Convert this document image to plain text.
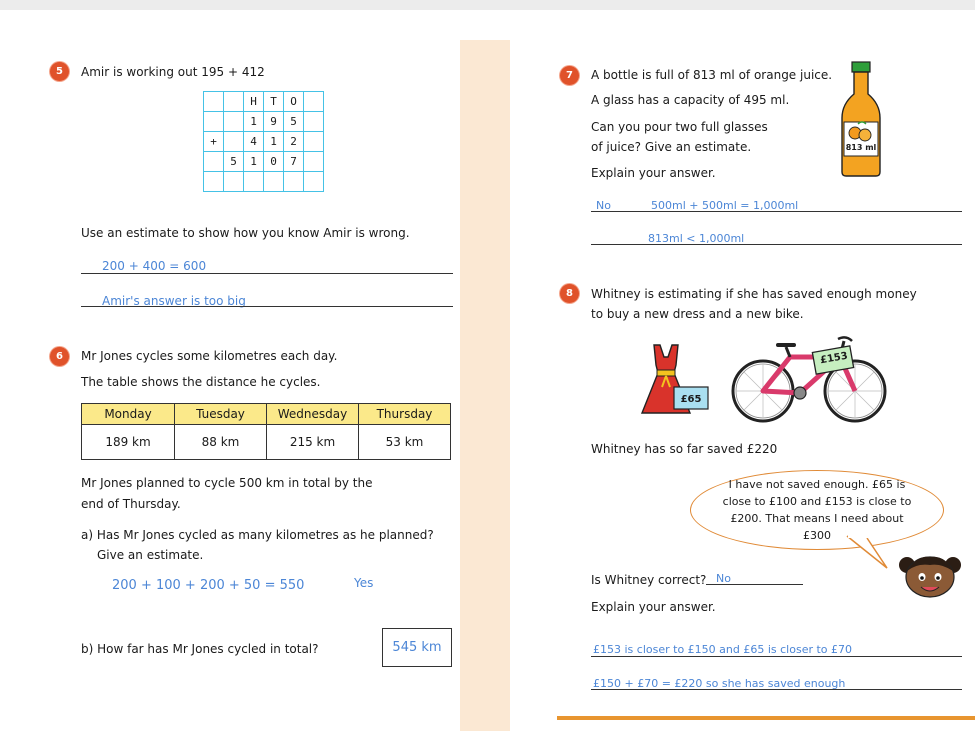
5	Amir is working out 195 + 412
		H	T	O	
		1	9	5	
+		4	1	2	
	5	1	0	7	

Use an estimate to show how you know Amir is wrong.
200 + 400 = 600
Amir's answer is too big
6	Mr Jones cycles some kilometres each day.
The table shows the distance he cycles.
Monday	Tuesday	Wednesday	Thursday
189 km	88 km	215 km	53 km
Mr Jones planned to cycle 500 km in total by the
end of Thursday.
a) Has Mr Jones cycled as many kilometres as he planned?
Give an estimate.
200 + 100 + 200 + 50 = 550	Yes
b) How far has Mr Jones cycled in total?	545 km
7	A bottle is full of 813 ml of orange juice.
A glass has a capacity of 495 ml.
Can you pour two full glasses
of juice? Give an estimate.
Explain your answer.
813 ml
No	500ml + 500ml = 1,000ml
813ml < 1,000ml
8	Whitney is estimating if she has saved enough money
to buy a new dress and a new bike.
£65
£153
Whitney has so far saved £220
I have not saved enough. £65 is close to £100 and £153 is close to £200. That means I need about £300
Is Whitney correct? No
Explain your answer.
£153 is closer to £150 and £65 is closer to £70
£150 + £70 = £220 so she has saved enough
